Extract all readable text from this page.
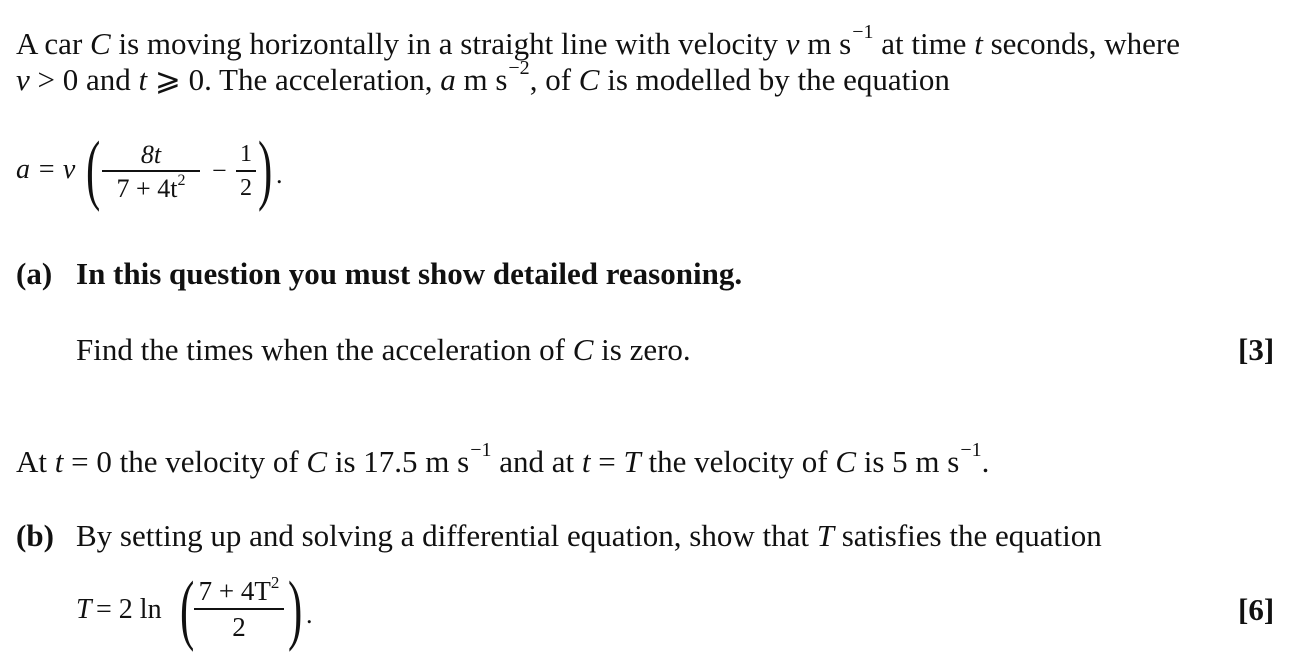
A car C is moving horizontally in a straight line with velocity v m $s^{-1}$ at time t seconds, where
v > 0 and t ⩾ 0. The acceleration, a m $s^{-2}$, of C is modelled by the equation
a = v (	8t
$7 + 4t^2$	−
1
2 ) .
(a) In this question you must show detailed reasoning.
Find the times when the acceleration of C is zero.	[3]
At t = 0 the velocity of C is 17.5 m $s^{-1}$ and at t = T the velocity of C is 5 m $s^{-1}$.
(b) By setting up and solving a differential equation, show that T satisfies the equation
T = 2 ln ( $7 + 4T^2$
2 ) .	[6]
